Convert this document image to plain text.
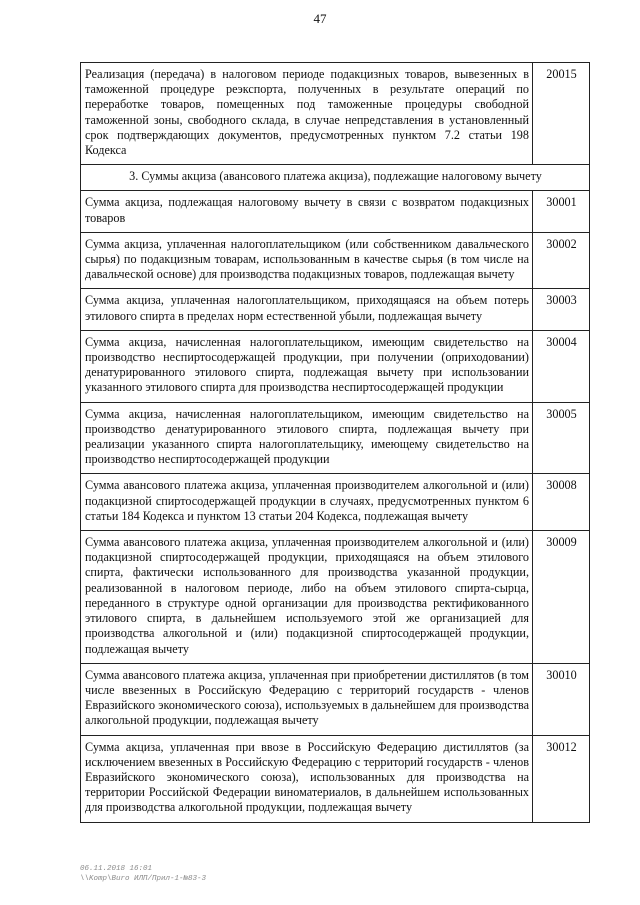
47
Реализация (передача) в налоговом периоде подакцизных товаров, вывезенных в таможенной процедуре реэкспорта, полученных в результате операций по переработке товаров, помещенных под таможенные процедуры свободной таможенной зоны, свободного склада, в случае непредставления в установленный срок подтверждающих документов, предусмотренных пунктом 7.2 статьи 198 Кодекса	20015
3. Суммы акциза (авансового платежа акциза), подлежащие налоговому вычету	
Сумма акциза, подлежащая налоговому вычету в связи с возвратом подакцизных товаров	30001
Сумма акциза, уплаченная налогоплательщиком (или собственником давальческого сырья) по подакцизным товарам, использованным в качестве сырья (в том числе на давальческой основе) для производства подакцизных товаров, подлежащая вычету	30002
Сумма акциза, уплаченная налогоплательщиком, приходящаяся на объем потерь этилового спирта в пределах норм естественной убыли, подлежащая вычету	30003
Сумма акциза, начисленная налогоплательщиком, имеющим свидетельство на производство неспиртосодержащей продукции, при получении (оприходовании) денатурированного этилового спирта, подлежащая вычету при использовании указанного этилового спирта для производства неспиртосодержащей продукции	30004
Сумма акциза, начисленная налогоплательщиком, имеющим свидетельство на производство денатурированного этилового спирта, подлежащая вычету при реализации указанного спирта налогоплательщику, имеющему свидетельство на производство неспиртосодержащей продукции	30005
Сумма авансового платежа акциза, уплаченная производителем алкогольной и (или) подакцизной спиртосодержащей продукции в случаях, предусмотренных пунктом 6 статьи 184 Кодекса и пунктом 13 статьи 204 Кодекса, подлежащая вычету	30008
Сумма авансового платежа акциза, уплаченная производителем алкогольной и (или) подакцизной спиртосодержащей продукции, приходящаяся на объем этилового спирта, фактически использованного для производства указанной продукции, реализованной в налоговом периоде, либо на объем этилового спирта-сырца, переданного в структуре одной организации для производства ректификованного этилового спирта, в дальнейшем используемого этой же организацией для производства алкогольной и (или) подакцизной спиртосодержащей продукции, подлежащая вычету	30009
Сумма авансового платежа акциза, уплаченная при приобретении дистиллятов (в том числе ввезенных в Российскую Федерацию с территорий государств - членов Евразийского экономического союза), используемых в дальнейшем для производства алкогольной продукции, подлежащая вычету	30010
Сумма акциза, уплаченная при ввозе в Российскую Федерацию дистиллятов (за исключением ввезенных в Российскую Федерацию с территорий государств - членов Евразийского экономического союза), использованных для производства на территории Российской Федерации виноматериалов, в дальнейшем использованных для производства алкогольной продукции, подлежащая вычету	30012
06.11.2018 16:01
\\Komp\Buro ИЛП/Прил-1-№83-3
